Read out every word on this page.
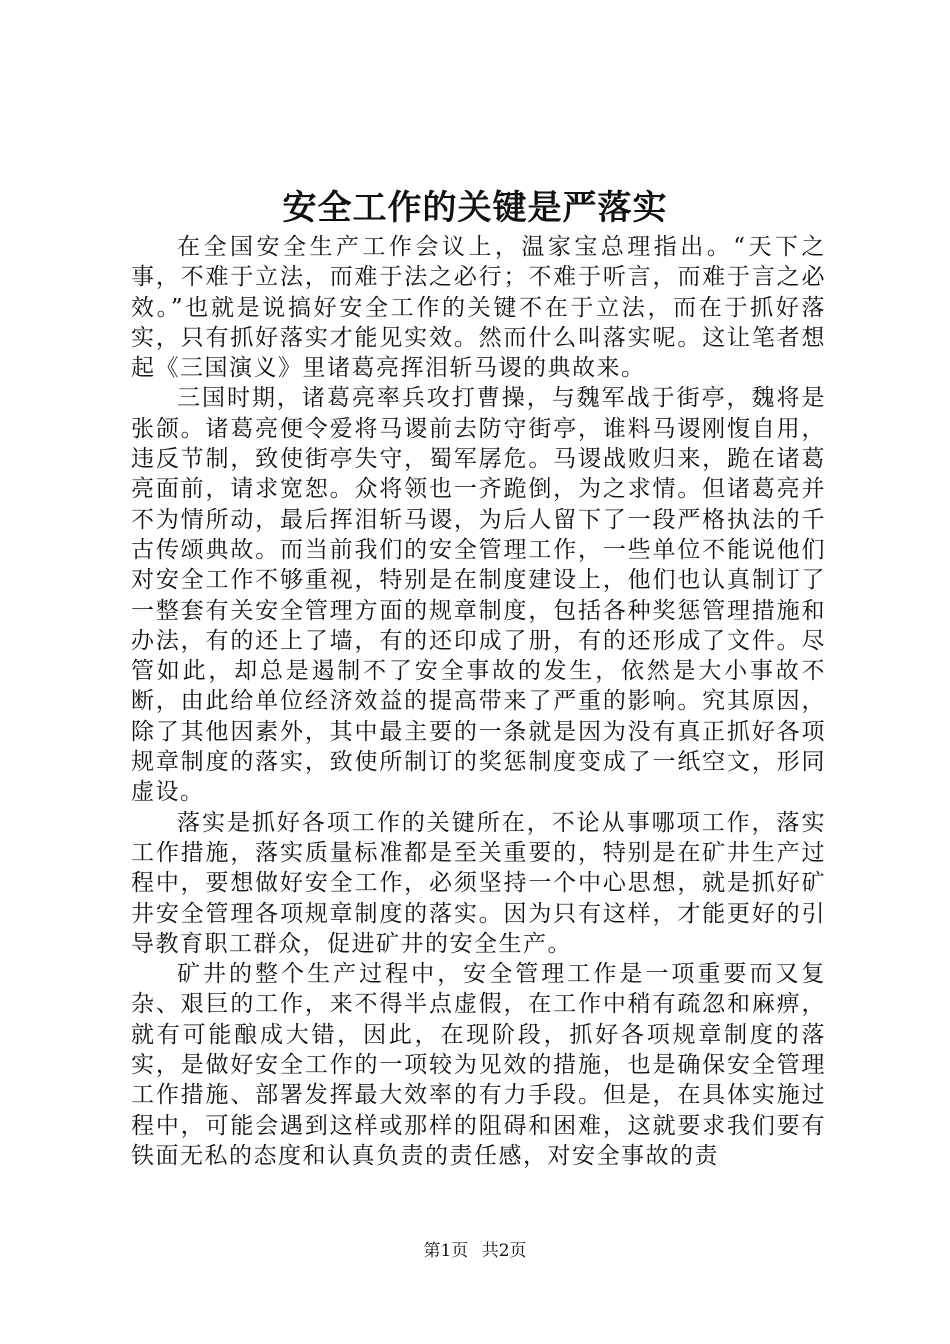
安全工作的关键是严落实

在全国安全生产工作会议上，温家宝总理指出。“天下之事，不难于立法，而难于法之必行；不难于听言，而难于言之必效。”也就是说搞好安全工作的关键不在于立法，而在于抓好落实，只有抓好落实才能见实效。然而什么叫落实呢。这让笔者想起《三国演义》里诸葛亮挥泪斩马谡的典故来。

三国时期，诸葛亮率兵攻打曹操，与魏军战于街亭，魏将是张颌。诸葛亮便令爱将马谡前去防守街亭，谁料马谡刚愎自用，违反节制，致使街亭失守，蜀军孱危。马谡战败归来，跪在诸葛亮面前，请求宽恕。众将领也一齐跪倒，为之求情。但诸葛亮并不为情所动，最后挥泪斩马谡，为后人留下了一段严格执法的千古传颂典故。而当前我们的安全管理工作，一些单位不能说他们对安全工作不够重视，特别是在制度建设上，他们也认真制订了一整套有关安全管理方面的规章制度，包括各种奖惩管理措施和办法，有的还上了墙，有的还印成了册，有的还形成了文件。尽管如此，却总是遏制不了安全事故的发生，依然是大小事故不断，由此给单位经济效益的提高带来了严重的影响。究其原因，除了其他因素外，其中最主要的一条就是因为没有真正抓好各项规章制度的落实，致使所制订的奖惩制度变成了一纸空文，形同虚设。

落实是抓好各项工作的关键所在，不论从事哪项工作，落实工作措施，落实质量标准都是至关重要的，特别是在矿井生产过程中，要想做好安全工作，必须坚持一个中心思想，就是抓好矿井安全管理各项规章制度的落实。因为只有这样，才能更好的引导教育职工群众，促进矿井的安全生产。

矿井的整个生产过程中，安全管理工作是一项重要而又复杂、艰巨的工作，来不得半点虚假，在工作中稍有疏忽和麻痹，就有可能酿成大错，因此，在现阶段，抓好各项规章制度的落实，是做好安全工作的一项较为见效的措施，也是确保安全管理工作措施、部署发挥最大效率的有力手段。但是，在具体实施过程中，可能会遇到这样或那样的阻碍和困难，这就要求我们要有铁面无私的态度和认真负责的责任感，对安全事故的责

第1页 共2页
